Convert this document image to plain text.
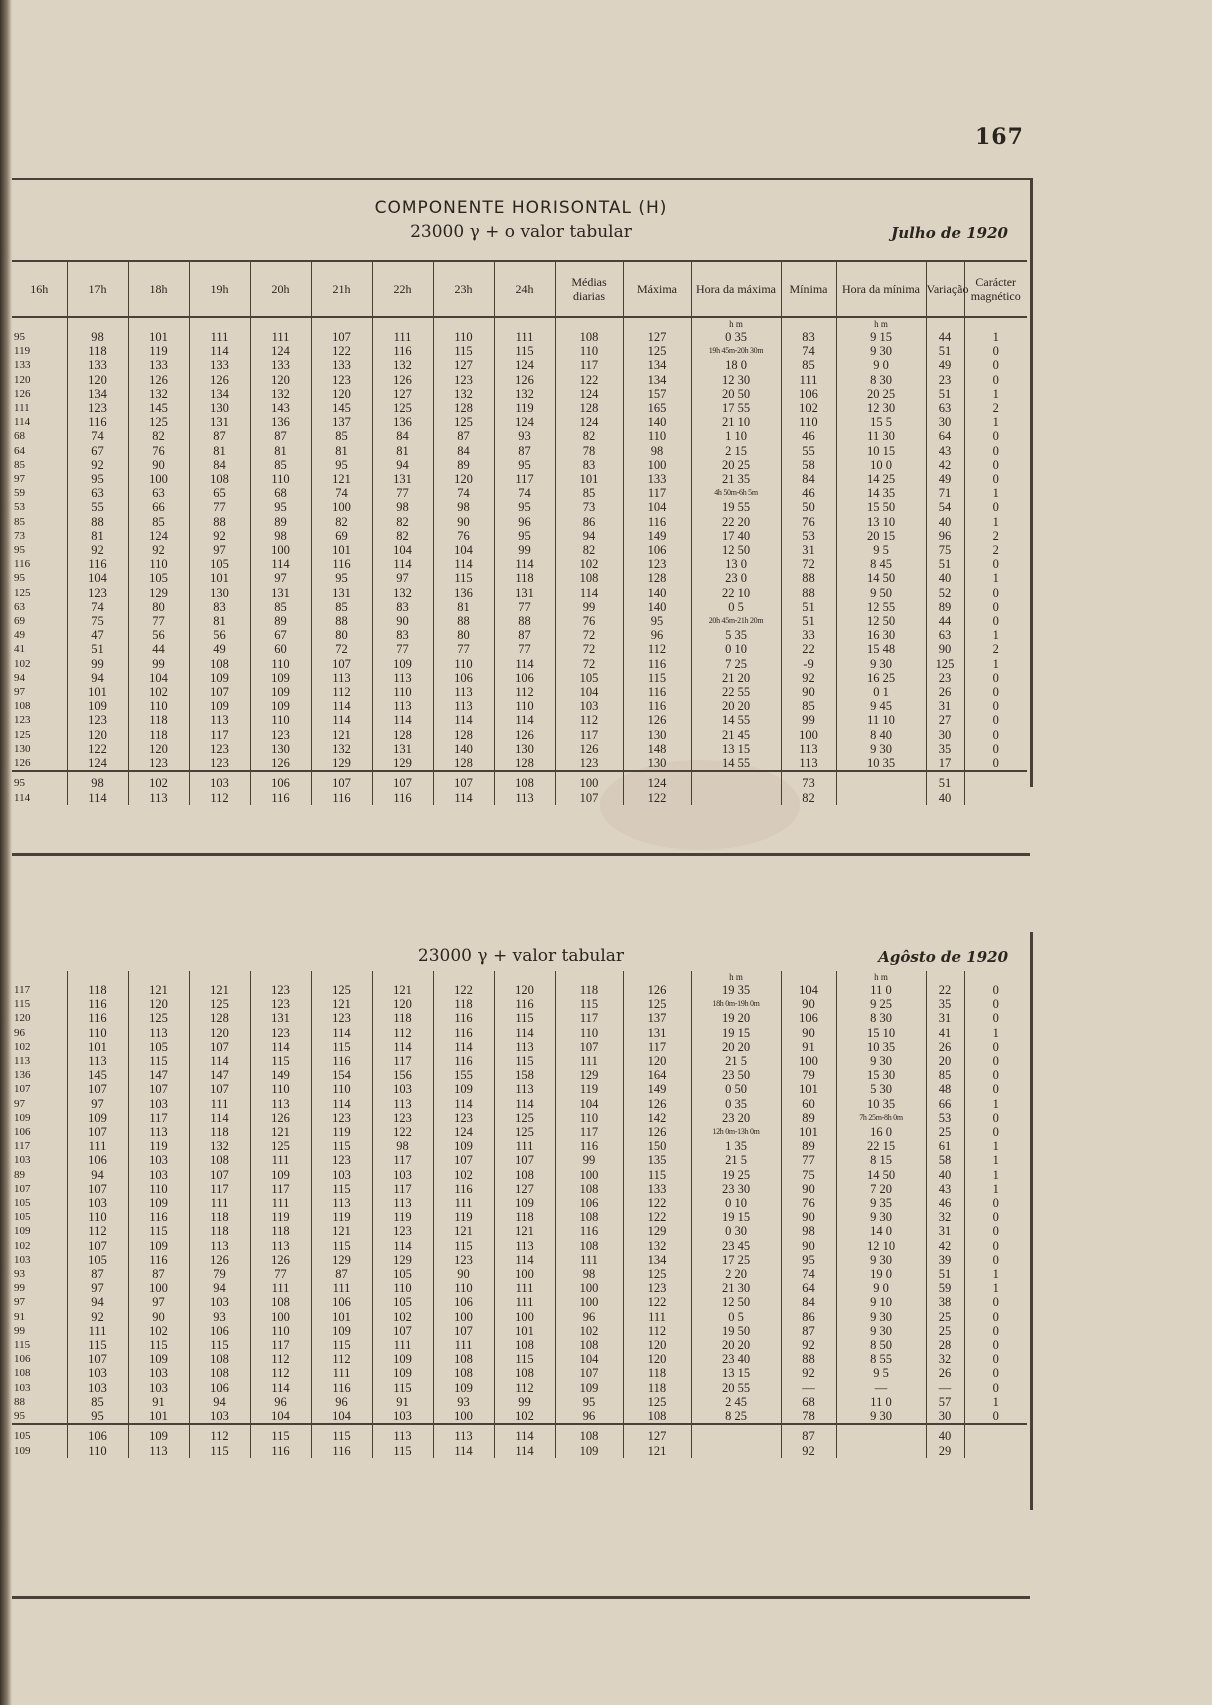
167
COMPONENTE HORISONTAL (H)
23000 γ + o valor tabular	Julho de 1920
16h	17h	18h	19h	20h	21h	22h	23h	24h	Médias diarias	Máxima	Hora da máxima	Mínima	Hora da mínima	Variação	Carácter magnético
											h m		h m		
95	98	101	111	111	107	111	110	111	108	127	0 35	83	9 15	44	1
119	118	119	114	124	122	116	115	115	110	125	19h 45m-20h 30m	74	9 30	51	0
133	133	133	133	133	133	132	127	124	117	134	18 0	85	9 0	49	0
120	120	126	126	120	123	126	123	126	122	134	12 30	111	8 30	23	0
126	134	132	134	132	120	127	132	132	124	157	20 50	106	20 25	51	1
111	123	145	130	143	145	125	128	119	128	165	17 55	102	12 30	63	2
114	116	125	131	136	137	136	125	124	124	140	21 10	110	15 5	30	1
68	74	82	87	87	85	84	87	93	82	110	1 10	46	11 30	64	0
64	67	76	81	81	81	81	84	87	78	98	2 15	55	10 15	43	0
85	92	90	84	85	95	94	89	95	83	100	20 25	58	10 0	42	0
97	95	100	108	110	121	131	120	117	101	133	21 35	84	14 25	49	0
59	63	63	65	68	74	77	74	74	85	117	4h 50m-6h 5m	46	14 35	71	1
53	55	66	77	95	100	98	98	95	73	104	19 55	50	15 50	54	0
85	88	85	88	89	82	82	90	96	86	116	22 20	76	13 10	40	1
73	81	124	92	98	69	82	76	95	94	149	17 40	53	20 15	96	2
95	92	92	97	100	101	104	104	99	82	106	12 50	31	9 5	75	2
116	116	110	105	114	116	114	114	114	102	123	13 0	72	8 45	51	0
95	104	105	101	97	95	97	115	118	108	128	23 0	88	14 50	40	1
125	123	129	130	131	131	132	136	131	114	140	22 10	88	9 50	52	0
63	74	80	83	85	85	83	81	77	99	140	0 5	51	12 55	89	0
69	75	77	81	89	88	90	88	88	76	95	20h 45m-21h 20m	51	12 50	44	0
49	47	56	56	67	80	83	80	87	72	96	5 35	33	16 30	63	1
41	51	44	49	60	72	77	77	77	72	112	0 10	22	15 48	90	2
102	99	99	108	110	107	109	110	114	72	116	7 25	-9	9 30	125	1
94	94	104	109	109	113	113	106	106	105	115	21 20	92	16 25	23	0
97	101	102	107	109	112	110	113	112	104	116	22 55	90	0 1	26	0
108	109	110	109	109	114	113	113	110	103	116	20 20	85	9 45	31	0
123	123	118	113	110	114	114	114	114	112	126	14 55	99	11 10	27	0
125	120	118	117	123	121	128	128	126	117	130	21 45	100	8 40	30	0
130	122	120	123	130	132	131	140	130	126	148	13 15	113	9 30	35	0
126	124	123	123	126	129	129	128	128	123	130	14 55	113	10 35	17	0
95	98	102	103	106	107	107	107	108	100	124		73		51	
114	114	113	112	116	116	116	114	113	107	122		82		40	
23000 γ + valor tabular	Agôsto de 1920
											h m		h m		
117	118	121	121	123	125	121	122	120	118	126	19 35	104	11 0	22	0
115	116	120	125	123	121	120	118	116	115	125	18h 0m-19h 0m	90	9 25	35	0
120	116	125	128	131	123	118	116	115	117	137	19 20	106	8 30	31	0
96	110	113	120	123	114	112	116	114	110	131	19 15	90	15 10	41	1
102	101	105	107	114	115	114	114	113	107	117	20 20	91	10 35	26	0
113	113	115	114	115	116	117	116	115	111	120	21 5	100	9 30	20	0
136	145	147	147	149	154	156	155	158	129	164	23 50	79	15 30	85	0
107	107	107	107	110	110	103	109	113	119	149	0 50	101	5 30	48	0
97	97	103	111	113	114	113	114	114	104	126	0 35	60	10 35	66	1
109	109	117	114	126	123	123	123	125	110	142	23 20	89	7h 25m-8h 0m	53	0
106	107	113	118	121	119	122	124	125	117	126	12h 0m-13h 0m	101	16 0	25	0
117	111	119	132	125	115	98	109	111	116	150	1 35	89	22 15	61	1
103	106	103	108	111	123	117	107	107	99	135	21 5	77	8 15	58	1
89	94	103	107	109	103	103	102	108	100	115	19 25	75	14 50	40	1
107	107	110	117	117	115	117	116	127	108	133	23 30	90	7 20	43	1
105	103	109	111	111	113	113	111	109	106	122	0 10	76	9 35	46	0
105	110	116	118	119	119	119	119	118	108	122	19 15	90	9 30	32	0
109	112	115	118	118	121	123	121	121	116	129	0 30	98	14 0	31	0
102	107	109	113	113	115	114	115	113	108	132	23 45	90	12 10	42	0
103	105	116	126	126	129	129	123	114	111	134	17 25	95	9 30	39	0
93	87	87	79	77	87	105	90	100	98	125	2 20	74	19 0	51	1
99	97	100	94	111	111	110	110	111	100	123	21 30	64	9 0	59	1
97	94	97	103	108	106	105	106	111	100	122	12 50	84	9 10	38	0
91	92	90	93	100	101	102	100	100	96	111	0 5	86	9 30	25	0
99	111	102	106	110	109	107	107	101	102	112	19 50	87	9 30	25	0
115	115	115	115	117	115	111	111	108	108	120	20 20	92	8 50	28	0
106	107	109	108	112	112	109	108	115	104	120	23 40	88	8 55	32	0
108	103	103	108	112	111	109	108	108	107	118	13 15	92	9 5	26	0
103	103	103	106	114	116	115	109	112	109	118	20 55	—	—	—	0
88	85	91	94	96	96	91	93	99	95	125	2 45	68	11 0	57	1
95	95	101	103	104	104	103	100	102	96	108	8 25	78	9 30	30	0
105	106	109	112	115	115	113	113	114	108	127		87		40	
109	110	113	115	116	116	115	114	114	109	121		92		29	
